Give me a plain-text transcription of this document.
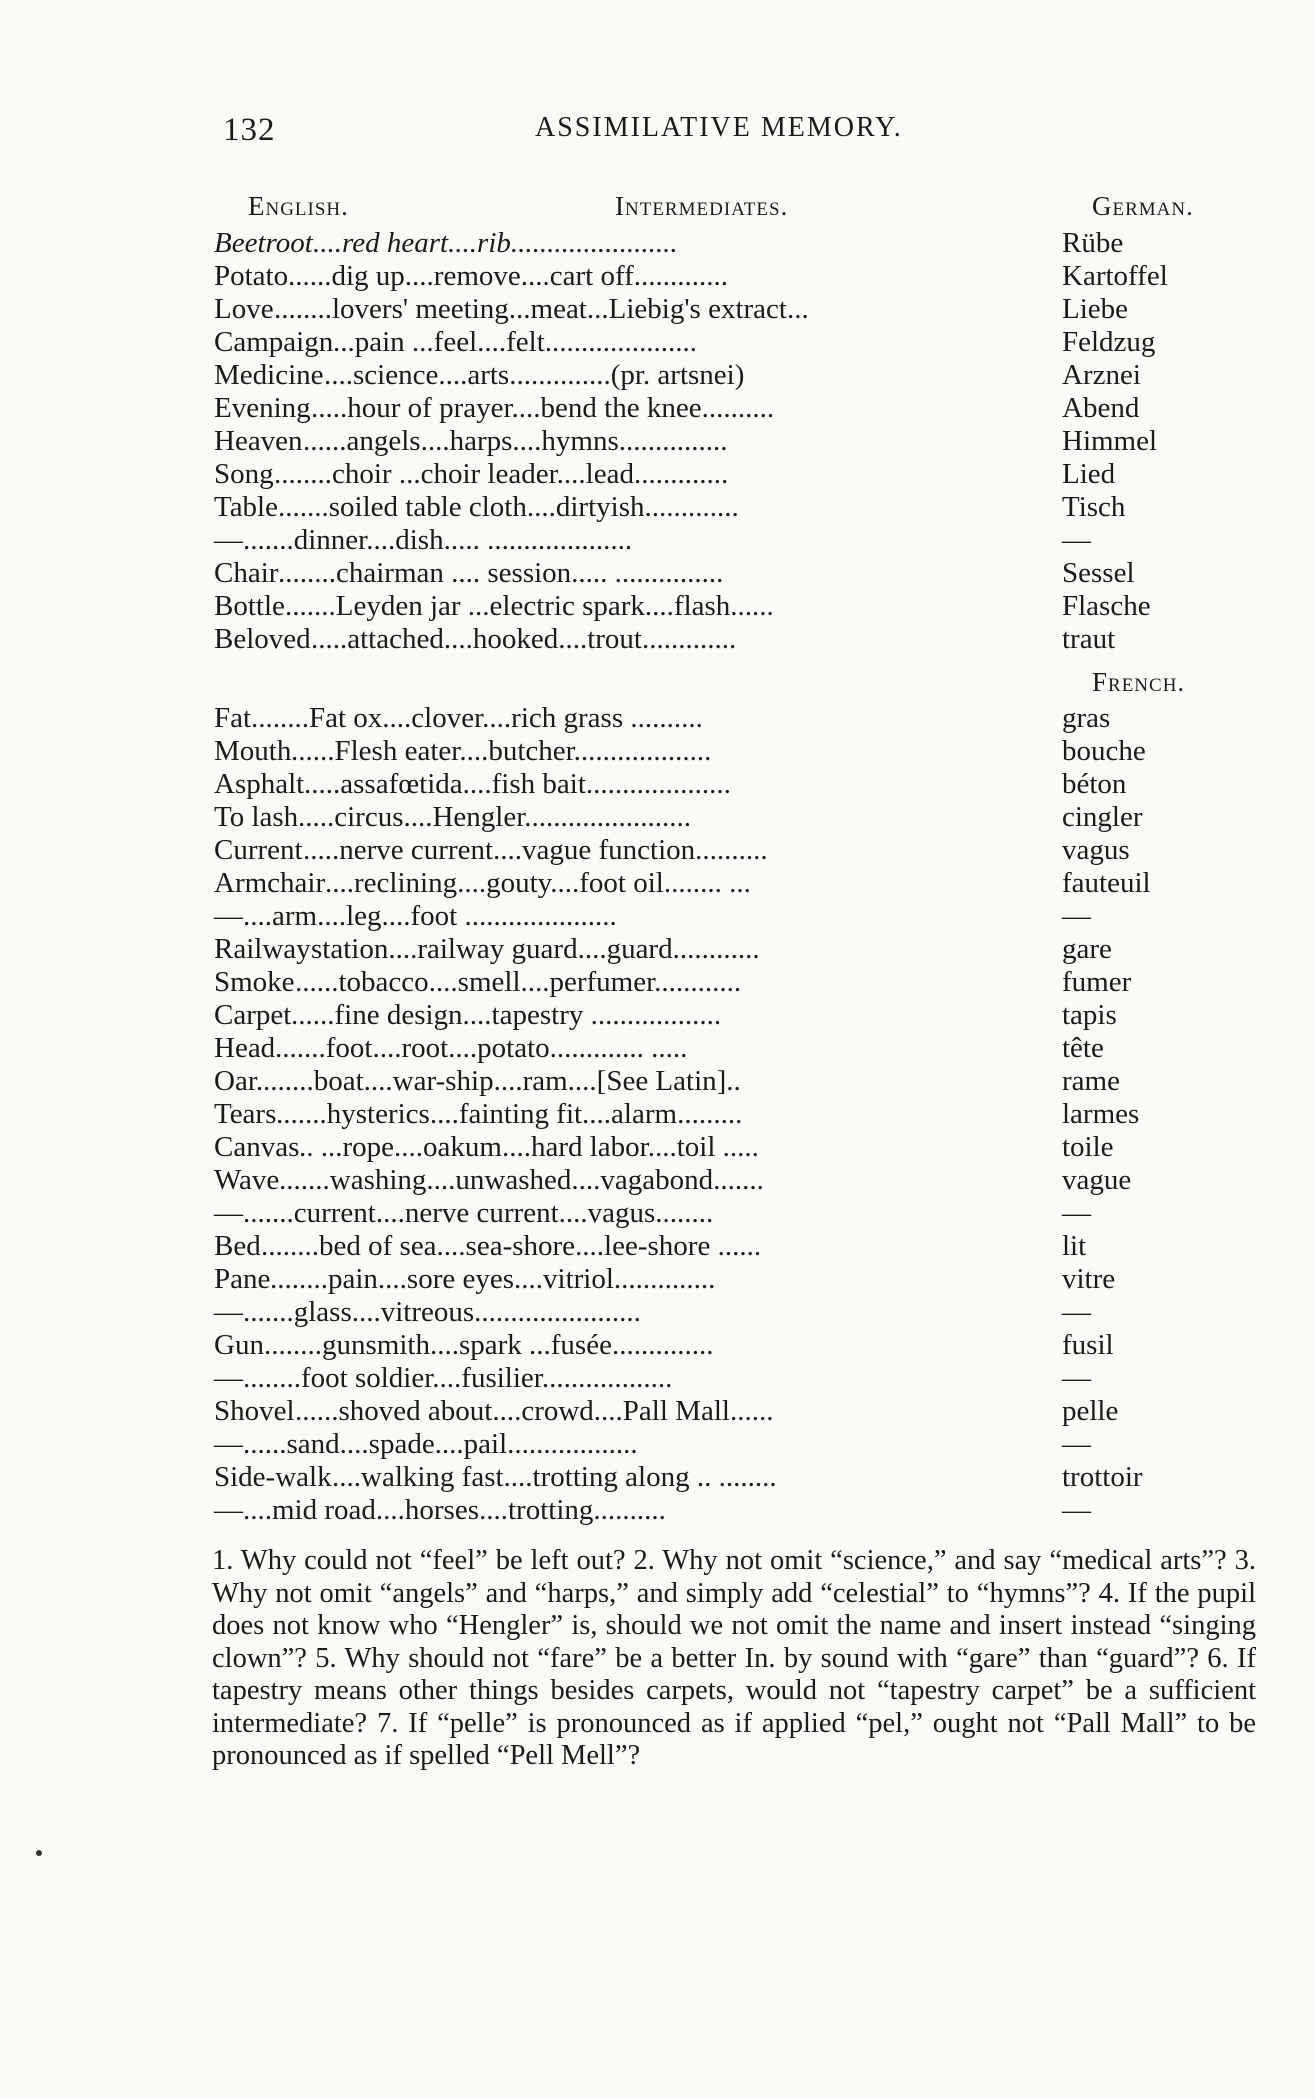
132	ASSIMILATIVE MEMORY.
English.	Intermediates.	German.
French.
Beetroot ....red heart....rib.......................	Rübe
Potato ......dig up....remove....cart off.............	Kartoffel
Love ........lovers' meeting...meat...Liebig's extract...	Liebe
Campaign ...pain ...feel....felt.....................	Feldzug
Medicine ....science....arts..............(pr. artsnei)	Arznei
Evening .....hour of prayer....bend the knee..........	Abend
Heaven ......angels....harps....hymns...............	Himmel
Song ........choir ...choir leader....lead.............	Lied
Table .......soiled table cloth....dirtyish.............	Tisch
— .......dinner....dish..... ....................	—
Chair ........chairman .... session..... ...............	Sessel
Bottle .......Leyden jar ...electric spark....flash......	Flasche
Beloved .....attached....hooked....trout.............	traut
Fat ........Fat ox....clover....rich grass ..........	gras
Mouth ......Flesh eater....butcher...................	bouche
Asphalt .....assafœtida....fish bait....................	béton
To lash .....circus....Hengler.......................	cingler
Current .....nerve current....vague function..........	vagus
Armchair ....reclining....gouty....foot oil........ ...	fauteuil
— ....arm....leg....foot .....................	—
Railway station....railway guard....guard............	gare
Smoke ......tobacco....smell....perfumer............	fumer
Carpet ......fine design....tapestry ..................	tapis
Head .......foot....root....potato............. .....	tête
Oar. .......boat....war-ship....ram....[See Latin]..	rame
Tears .......hysterics....fainting fit....alarm.........	larmes
Canvas .. ...rope....oakum....hard labor....toil .....	toile
Wave .......washing....unwashed....vagabond.......	vague
— .......current....nerve current....vagus........	—
Bed ........bed of sea....sea-shore....lee-shore ......	lit
Pane ........pain....sore eyes....vitriol..............	vitre
— .......glass....vitreous.......................	—
Gun ........gunsmith....spark ...fusée..............	fusil
— ........foot soldier....fusilier..................	—
Shovel ......shoved about....crowd....Pall Mall......	pelle
— ......sand....spade....pail..................	—
Side-walk ....walking fast....trotting along .. ........	trottoir
— ....mid road....horses....trotting..........	—

1. Why could not “feel” be left out? 2. Why not omit “science,” and say “medical arts”? 3. Why not omit “angels” and “harps,” and simply add “celestial” to “hymns”? 4. If the pupil does not know who “Hengler” is, should we not omit the name and insert instead “singing clown”? 5. Why should not “fare” be a better In. by sound with “gare” than “guard”? 6. If tapestry means other things besides carpets, would not “tapestry carpet” be a sufficient intermediate? 7. If “pelle” is pronounced as if applied “pel,” ought not “Pall Mall” to be pronounced as if spelled “Pell Mell”?
